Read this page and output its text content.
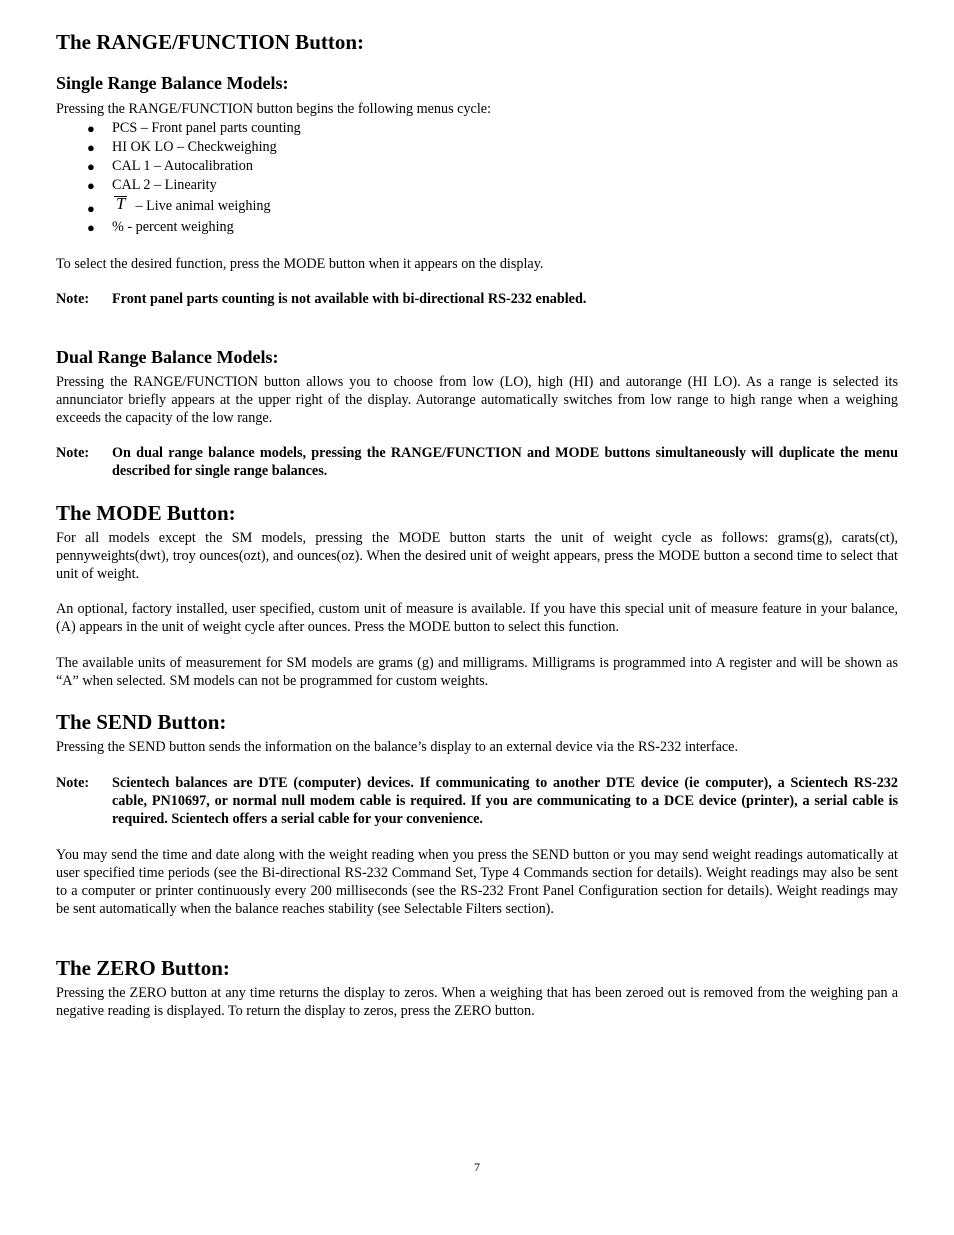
The RANGE/FUNCTION Button:
Single Range Balance Models:

Pressing the RANGE/FUNCTION button begins the following menus cycle:

● PCS – Front panel parts counting
● HI OK LO – Checkweighing
● CAL 1 – Autocalibration
● CAL 2 – Linearity
● T – Live animal weighing
● % - percent weighing

To select the desired function, press the MODE button when it appears on the display.

Note:	Front panel parts counting is not available with bi-directional RS-232 enabled.
Dual Range Balance Models:

Pressing the RANGE/FUNCTION button allows you to choose from low (LO), high (HI) and autorange (HI LO). As a range is selected its annunciator briefly appears at the upper right of the display. Autorange automatically switches from low range to high range when a weighing exceeds the capacity of the low range.

Note:	On dual range balance models, pressing the RANGE/FUNCTION and MODE buttons simultaneously will duplicate the menu described for single range balances.
The MODE Button:

For all models except the SM models, pressing the MODE button starts the unit of weight cycle as follows: grams(g), carats(ct), pennyweights(dwt), troy ounces(ozt), and ounces(oz). When the desired unit of weight appears, press the MODE button a second time to select that unit of weight.

An optional, factory installed, user specified, custom unit of measure is available. If you have this special unit of measure feature in your balance, (A) appears in the unit of weight cycle after ounces. Press the MODE button to select this function.

The available units of measurement for SM models are grams (g) and milligrams. Milligrams is programmed into A register and will be shown as “A” when selected. SM models can not be programmed for custom weights.

The SEND Button:

Pressing the SEND button sends the information on the balance’s display to an external device via the RS-232 interface.

Note:	Scientech balances are DTE (computer) devices. If communicating to another DTE device (ie computer), a Scientech RS-232 cable, PN10697, or normal null modem cable is required. If you are communicating to a DCE device (printer), a serial cable is required. Scientech offers a serial cable for your convenience.

You may send the time and date along with the weight reading when you press the SEND button or you may send weight readings automatically at user specified time periods (see the Bi-directional RS-232 Command Set, Type 4 Commands section for details). Weight readings may also be sent to a computer or printer continuously every 200 milliseconds (see the RS-232 Front Panel Configuration section for details). Weight readings may be sent automatically when the balance reaches stability (see Selectable Filters section).

The ZERO Button:

Pressing the ZERO button at any time returns the display to zeros. When a weighing that has been zeroed out is removed from the weighing pan a negative reading is displayed. To return the display to zeros, press the ZERO button.

7
